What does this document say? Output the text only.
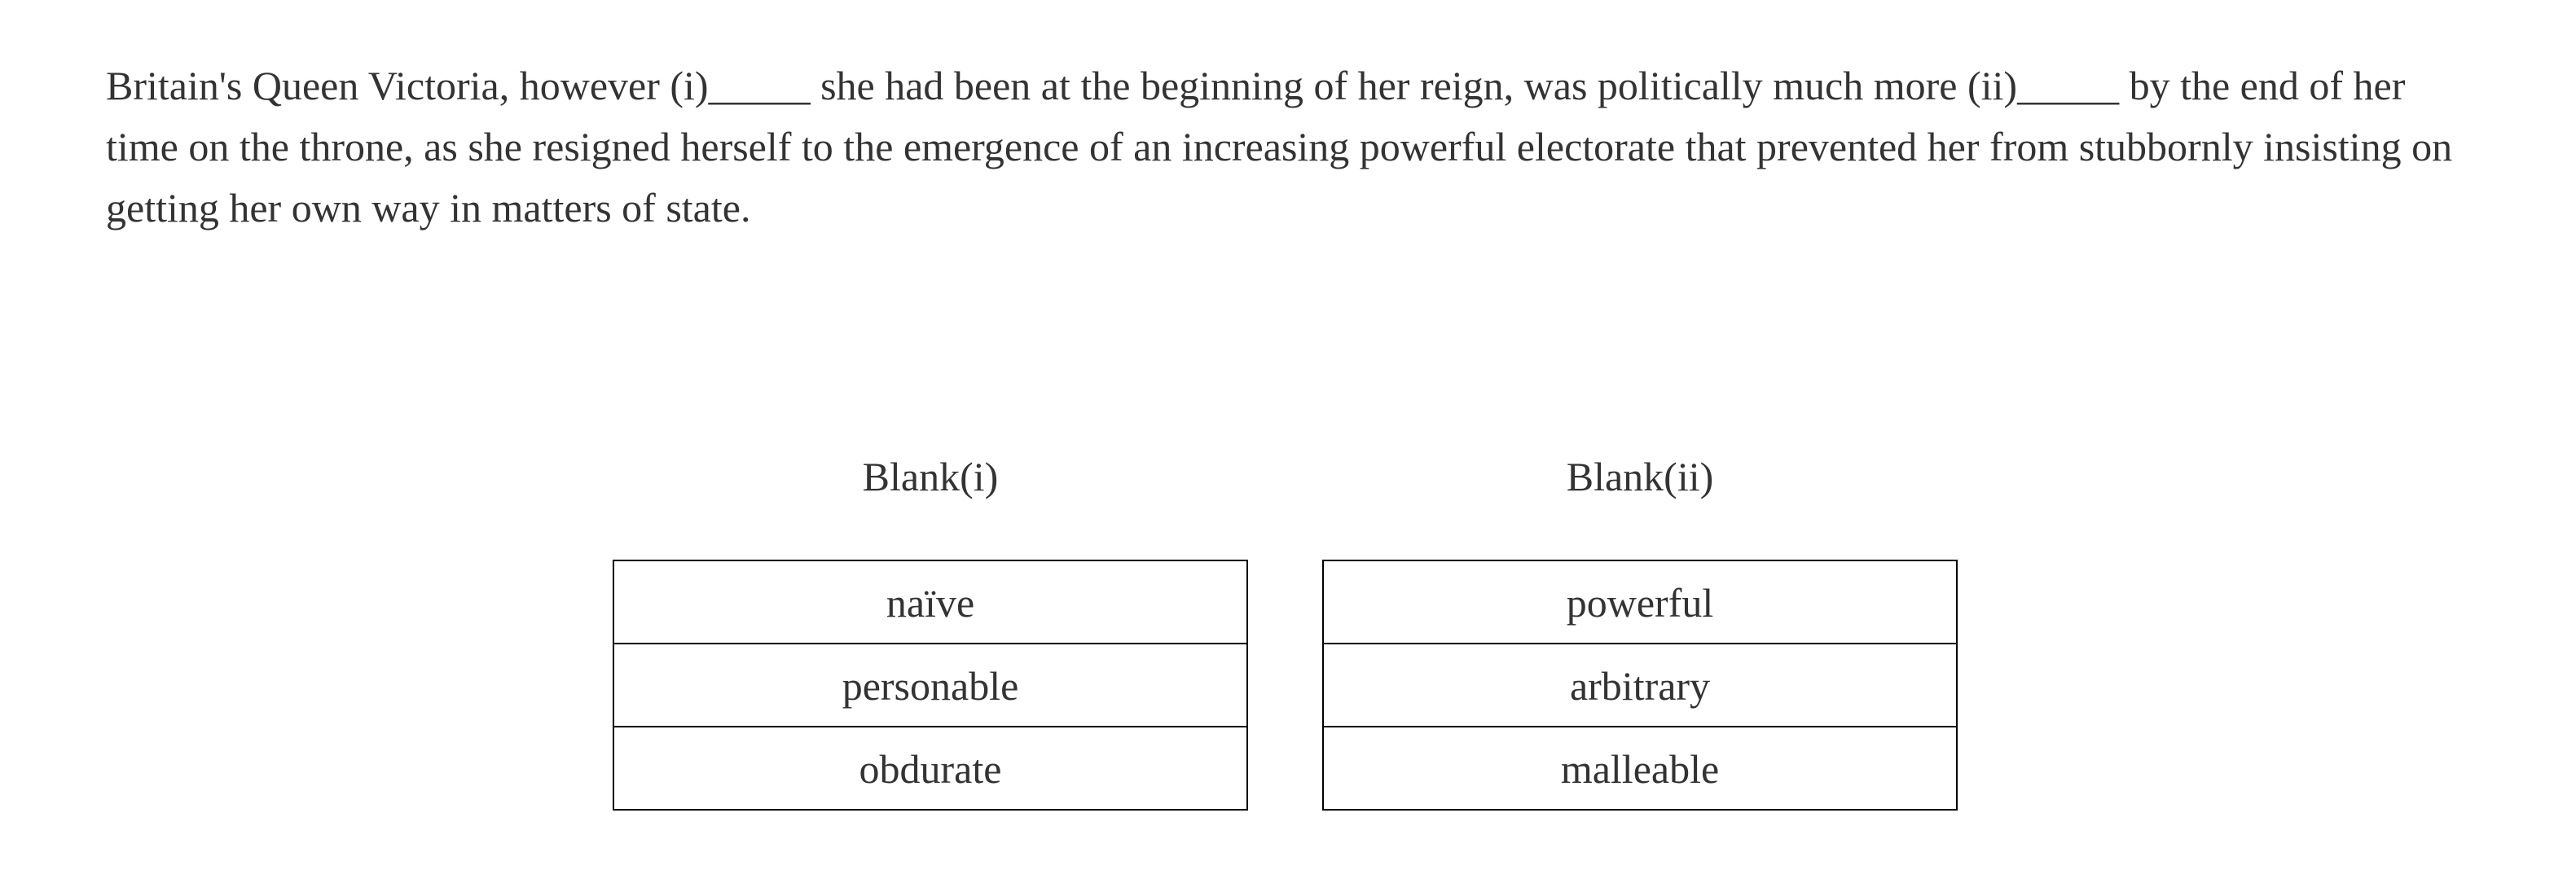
Britain's Queen Victoria, however (i)_____ she had been at the beginning of her reign, was politically much more (ii)_____ by the end of her time on the throne, as she resigned herself to the emergence of an increasing powerful electorate that prevented her from stubbornly insisting on getting her own way in matters of state.

Blank(i)
naïve
personable
obdurate
Blank(ii)
powerful
arbitrary
malleable
